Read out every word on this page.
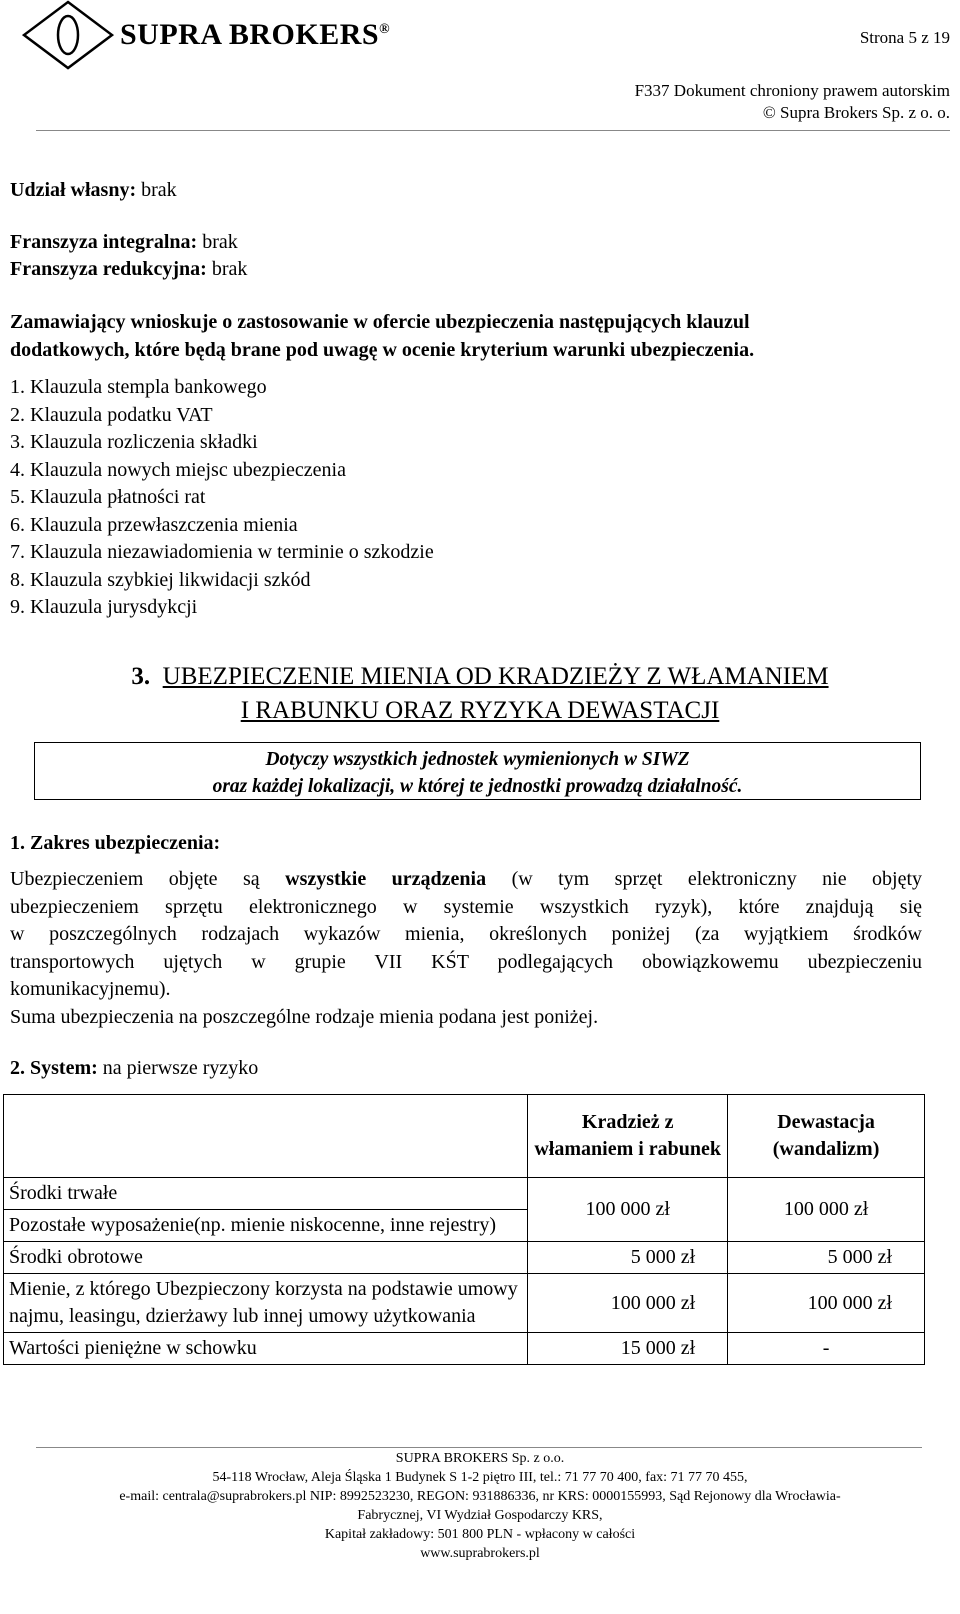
SUPRA BROKERS®	Strona 5 z 19
F337 Dokument chroniony prawem autorskim
© Supra Brokers Sp. z o. o.
Udział własny: brak
Franszyza integralna: brak
Franszyza redukcyjna: brak
Zamawiający wnioskuje o zastosowanie w ofercie ubezpieczenia następujących klauzul
dodatkowych, które będą brane pod uwagę w ocenie kryterium warunki ubezpieczenia.
1. Klauzula stempla bankowego
2. Klauzula podatku VAT
3. Klauzula rozliczenia składki
4. Klauzula nowych miejsc ubezpieczenia
5. Klauzula płatności rat
6. Klauzula przewłaszczenia mienia
7. Klauzula niezawiadomienia w terminie o szkodzie
8. Klauzula szybkiej likwidacji szkód
9. Klauzula jurysdykcji
3. UBEZPIECZENIE MIENIA OD KRADZIEŻY Z WŁAMANIEM
I RABUNKU ORAZ RYZYKA DEWASTACJI
Dotyczy wszystkich jednostek wymienionych w SIWZ
oraz każdej lokalizacji, w której te jednostki prowadzą działalność.
1. Zakres ubezpieczenia:
Ubezpieczeniem objęte są wszystkie urządzenia (w tym sprzęt elektroniczny nie objęty
ubezpieczeniem sprzętu elektronicznego w systemie wszystkich ryzyk), które znajdują się
w poszczególnych rodzajach wykazów mienia, określonych poniżej (za wyjątkiem środków
transportowych ujętych w grupie VII KŚT podlegających obowiązkowemu ubezpieczeniu
komunikacyjnemu).
Suma ubezpieczenia na poszczególne rodzaje mienia podana jest poniżej.
2. System: na pierwsze ryzyko
	Kradzież z włamaniem i rabunek	Dewastacja (wandalizm)
Środki trwałe	100 000 zł	100 000 zł
Pozostałe wyposażenie(np. mienie niskocenne, inne rejestry)		
Środki obrotowe	5 000 zł	5 000 zł
Mienie, z którego Ubezpieczony korzysta na podstawie umowy najmu, leasingu, dzierżawy lub innej umowy użytkowania	100 000 zł	100 000 zł
Wartości pieniężne w schowku	15 000 zł	-
SUPRA BROKERS Sp. z o.o.
54-118 Wrocław, Aleja Śląska 1 Budynek S 1-2 piętro III, tel.: 71 77 70 400, fax: 71 77 70 455,
e-mail: centrala@suprabrokers.pl NIP: 8992523230, REGON: 931886336, nr KRS: 0000155993, Sąd Rejonowy dla Wrocławia-
Fabrycznej, VI Wydział Gospodarczy KRS,
Kapitał zakładowy: 501 800 PLN - wpłacony w całości
www.suprabrokers.pl
